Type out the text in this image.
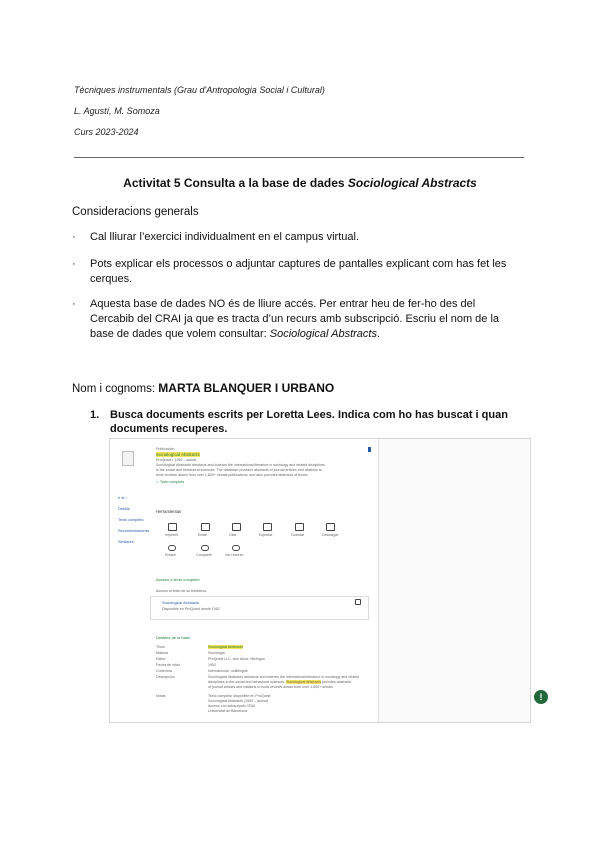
Tècniques instrumentals (Grau d'Antropologia Social i Cultural)
L. Agustí, M. Somoza
Curs 2023-2024
Activitat 5 Consulta a la base de dades Sociological Abstracts
Consideracions generals
· Cal lliurar l’exercici individualment en el campus virtual.
· Pots explicar els processos o adjuntar captures de pantalles explicant com has fet les cerques.
· Aquesta base de dades NO és de lliure accés. Per entrar heu de fer-ho des del Cercabib del CRAI ja que es tracta d’un recurs amb subscripció. Escriu el nom de la base de dades que volem consultar: Sociological Abstracts.
Nom i cognoms: MARTA BLANQUER I URBANO
1. Busca documents escrits per Loretta Lees. Indica com ho has buscat i quan documents recuperes.
Publicación
Sociological Abstracts
ProQuest ▪ 1952 – actual
Sociological Abstracts abstracts and indexes the international literature in sociology and related disciplines
in the social and behavioral sciences. The database provides abstracts of journal articles and citations to
book reviews drawn from over 1,800+ serials publications, and also provides abstracts of books
✓ Texto completo
Ir al ↑
Detalls
Texto completo
Recomendaciones
Similares
Herramientas
Imprimir	Email	Citar	Exportar	Guardar	Descargar
Enlace	Compartir	Ver recurso
Acceso a texto completo
Acceso al texto de su biblioteca
Sociological Abstracts
Disponible en ProQuest desde 1952
Detalles de la base
Título	Sociological Abstracts
Materia	Sociología
Editor	ProQuest LLC, Ann Arbor, Michigan
Fecha de inicio	1952
Cobertura	Internacional, multilingüe
Descripción	Sociological Abstracts abstracts and indexes the international literature in sociology and related
disciplines in the social and behavioral sciences. Sociological Abstracts provides abstracts
of journal articles and citations to book reviews drawn from over 1,800+ serials
Notas	Texto completo disponible en ProQuest
Sociological Abstracts (1952 – actual)
Acceso con subscripció CRAI
Universitat de Barcelona
!
